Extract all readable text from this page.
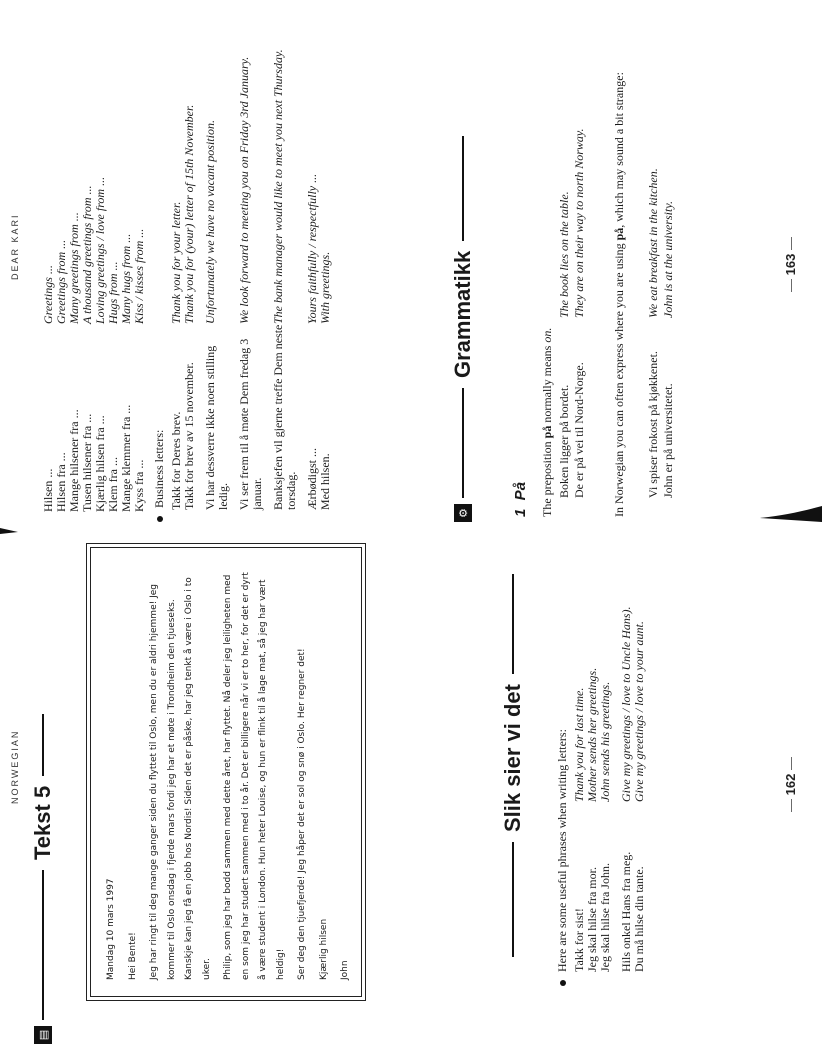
NORWEGIAN
▤
Tekst 5

Mandag 10 mars 1997	Hei Bente!	Jeg har ringt til deg mange ganger siden du flyttet til Oslo, men du er aldri hjemme! Jeg kommer til Oslo onsdag i fjerde mars fordi jeg har et møte i Trondheim den tjueseks. Kanskje kan jeg få en jobb hos Nordis! Siden det er påske, har jeg tenkt å være i Oslo i to uker.	Philip, som jeg har bodd sammen med dette året, har flyttet. Nå deler jeg leiligheten med en som jeg har studert sammen med i to år. Det er billigere når vi er to her, for det er dyrt å være student i London. Hun heter Louise, og hun er flink til å lage mat, så jeg har vært heldig!	Ser deg den tjuefjerde! Jeg håper det er sol og snø i Oslo. Her regner det!	Kjærlig hilsen	John

Slik sier vi det	Here are some useful phrases when writing letters: Takk for sist!	Thank you for last time.
Jeg skal hilse fra mor.	Mother sends her greetings.
Jeg skal hilse fra John.	John sends his greetings.
Hils onkel Hans fra meg.	Give my greetings / love to Uncle Hans).
Du må hilse din tante.	Give my greetings / love to your aunt.
— 162 —
DEAR KARI
Hilsen ...	Greetings ...
Hilsen fra ...	Greetings from ...
Mange hilsener fra ...	Many greetings from ...
Tusen hilsener fra ...	A thousand greetings from ...
Kjærlig hilsen fra ...	Loving greetings / love from ...
Klem fra ...	Hugs from ...
Mange klemmer fra ...	Many hugs from ...
Kyss fra ...	Kiss / kisses from ...
Business letters: Takk for Deres brev.	Thank you for your letter.
Takk for brev av 15 november.	Thank you for (your) letter of 15th November.
Vi har dessverre ikke noen stilling ledig.	Unfortunately we have no vacant position.
Vi ser frem til å møte Dem fredag 3 januar.	We look forward to meeting you on Friday 3rd January.
Banksjefen vil gjerne treffe Dem neste torsdag.	The bank manager would like to meet you next Thursday.
Ærbødigst ...	Yours faithfully / respectfully ...
Med hilsen.	With greetings.
⚙
Grammatikk
1  På The preposition på normally means on.
Boken ligger på bordet.	The book lies on the table.
De er på vei til Nord-Norge.	They are on their way to north Norway.
In Norwegian you can often express where you are using på, which may sound a bit strange:
Vi spiser frokost på kjøkkenet.	We eat breakfast in the kitchen.
John er på universitetet.	John is at the university.	— 163 —
